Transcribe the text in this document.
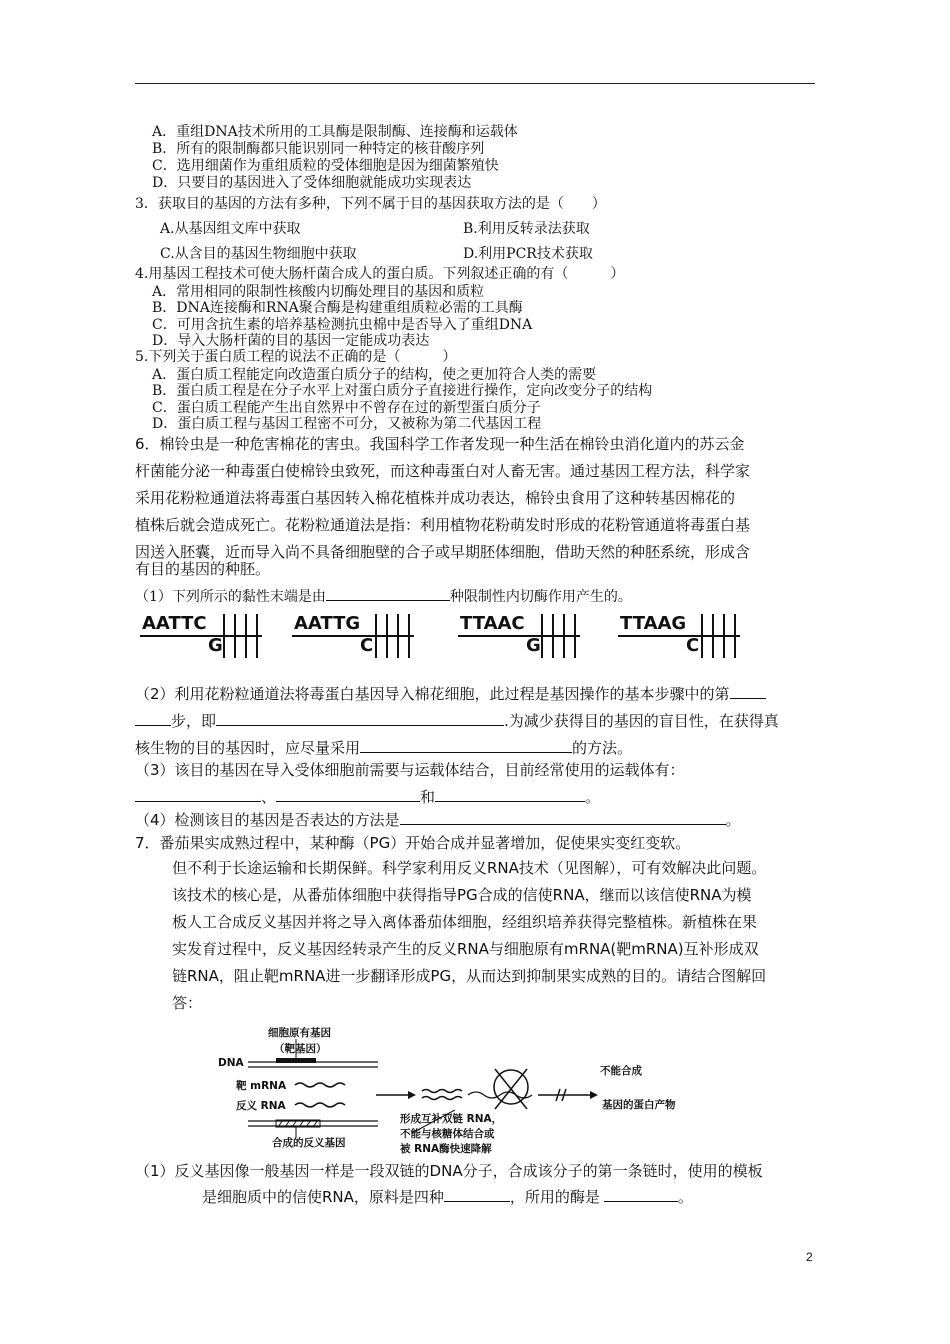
A．重组DNA技术所用的工具酶是限制酶、连接酶和运载体
B．所有的限制酶都只能识别同一种特定的核苷酸序列
C．选用细菌作为重组质粒的受体细胞是因为细菌繁殖快
D．只要目的基因进入了受体细胞就能成功实现表达
3．获取目的基因的方法有多种，下列不属于目的基因获取方法的是（　　）
A.从基因组文库中获取	B.利用反转录法获取
C.从含目的基因生物细胞中获取	D.利用PCR技术获取
4.用基因工程技术可使大肠杆菌合成人的蛋白质。下列叙述正确的有（　　　）
A．常用相同的限制性核酸内切酶处理目的基因和质粒
B．DNA连接酶和RNA聚合酶是构建重组质粒必需的工具酶
C．可用含抗生素的培养基检测抗虫棉中是否导入了重组DNA
D．导入大肠杆菌的目的基因一定能成功表达
5.下列关于蛋白质工程的说法不正确的是（　　　）
A．蛋白质工程能定向改造蛋白质分子的结构，使之更加符合人类的需要
B．蛋白质工程是在分子水平上对蛋白质分子直接进行操作，定向改变分子的结构
C．蛋白质工程能产生出自然界中不曾存在过的新型蛋白质分子
D．蛋白质工程与基因工程密不可分，又被称为第二代基因工程
6．棉铃虫是一种危害棉花的害虫。我国科学工作者发现一种生活在棉铃虫消化道内的苏云金
杆菌能分泌一种毒蛋白使棉铃虫致死，而这种毒蛋白对人畜无害。通过基因工程方法，科学家
采用花粉粒通道法将毒蛋白基因转入棉花植株并成功表达，棉铃虫食用了这种转基因棉花的
植株后就会造成死亡。花粉粒通道法是指：利用植物花粉萌发时形成的花粉管通道将毒蛋白基
因送入胚囊，近而导入尚不具备细胞壁的合子或早期胚体细胞，借助天然的种胚系统，形成含
有目的基因的种胚。
（1）下列所示的黏性末端是由	种限制性内切酶作用产生的。
AATTC
G
AATTG
C
TTAAC
G
TTAAG
C
（2）利用花粉粒通道法将毒蛋白基因导入棉花细胞，此过程是基因操作的基本步骤中的第
步，即	.为减少获得目的基因的盲目性，在获得真
核生物的目的基因时，应尽量采用	的方法。
（3）该目的基因在导入受体细胞前需要与运载体结合，目前经常使用的运载体有：
、	和	。
（4）检测该目的基因是否表达的方法是	。
7．番茄果实成熟过程中，某种酶（PG）开始合成并显著增加，促使果实变红变软。
但不利于长途运输和长期保鲜。科学家利用反义RNA技术（见图解），可有效解决此问题。
该技术的核心是，从番茄体细胞中获得指导PG合成的信使RNA，继而以该信使RNA为模
板人工合成反义基因并将之导入离体番茄体细胞，经组织培养获得完整植株。新植株在果
实发育过程中，反义基因经转录产生的反义RNA与细胞原有mRNA(靶mRNA)互补形成双
链RNA，阻止靶mRNA进一步翻译形成PG，从而达到抑制果实成熟的目的。请结合图解回
答：
细胞原有基因
（靶基因）
DNA
靶 mRNA
反义 RNA
合成的反义基因
形成互补双链 RNA，
不能与核糖体结合或
被 RNA酶快速降解
不能合成
基因的蛋白产物
（1）反义基因像一般基因一样是一段双链的DNA分子，合成该分子的第一条链时，使用的模板
是细胞质中的信使RNA，原料是四种	，所用的酶是	。
2
